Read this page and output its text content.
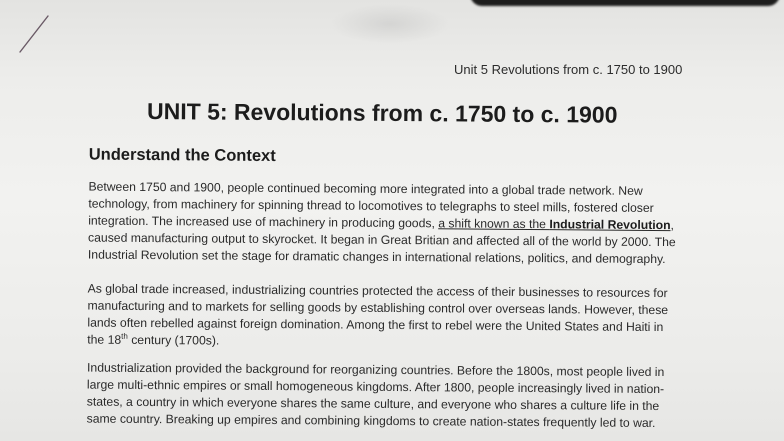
Unit 5 Revolutions from c. 1750 to 1900
UNIT 5: Revolutions from c. 1750 to c. 1900
Understand the Context

Between 1750 and 1900, people continued becoming more integrated into a global trade network. New
technology, from machinery for spinning thread to locomotives to telegraphs to steel mills, fostered closer
integration. The increased use of machinery in producing goods, a shift known as the Industrial Revolution,
caused manufacturing output to skyrocket. It began in Great Britian and affected all of the world by 2000. The
Industrial Revolution set the stage for dramatic changes in international relations, politics, and demography.

As global trade increased, industrializing countries protected the access of their businesses to resources for
manufacturing and to markets for selling goods by establishing control over overseas lands. However, these
lands often rebelled against foreign domination. Among the first to rebel were the United States and Haiti in
the 18th century (1700s).

Industrialization provided the background for reorganizing countries. Before the 1800s, most people lived in
large multi-ethnic empires or small homogeneous kingdoms. After 1800, people increasingly lived in nation-
states, a country in which everyone shares the same culture, and everyone who shares a culture life in the
same country. Breaking up empires and combining kingdoms to create nation-states frequently led to war.
